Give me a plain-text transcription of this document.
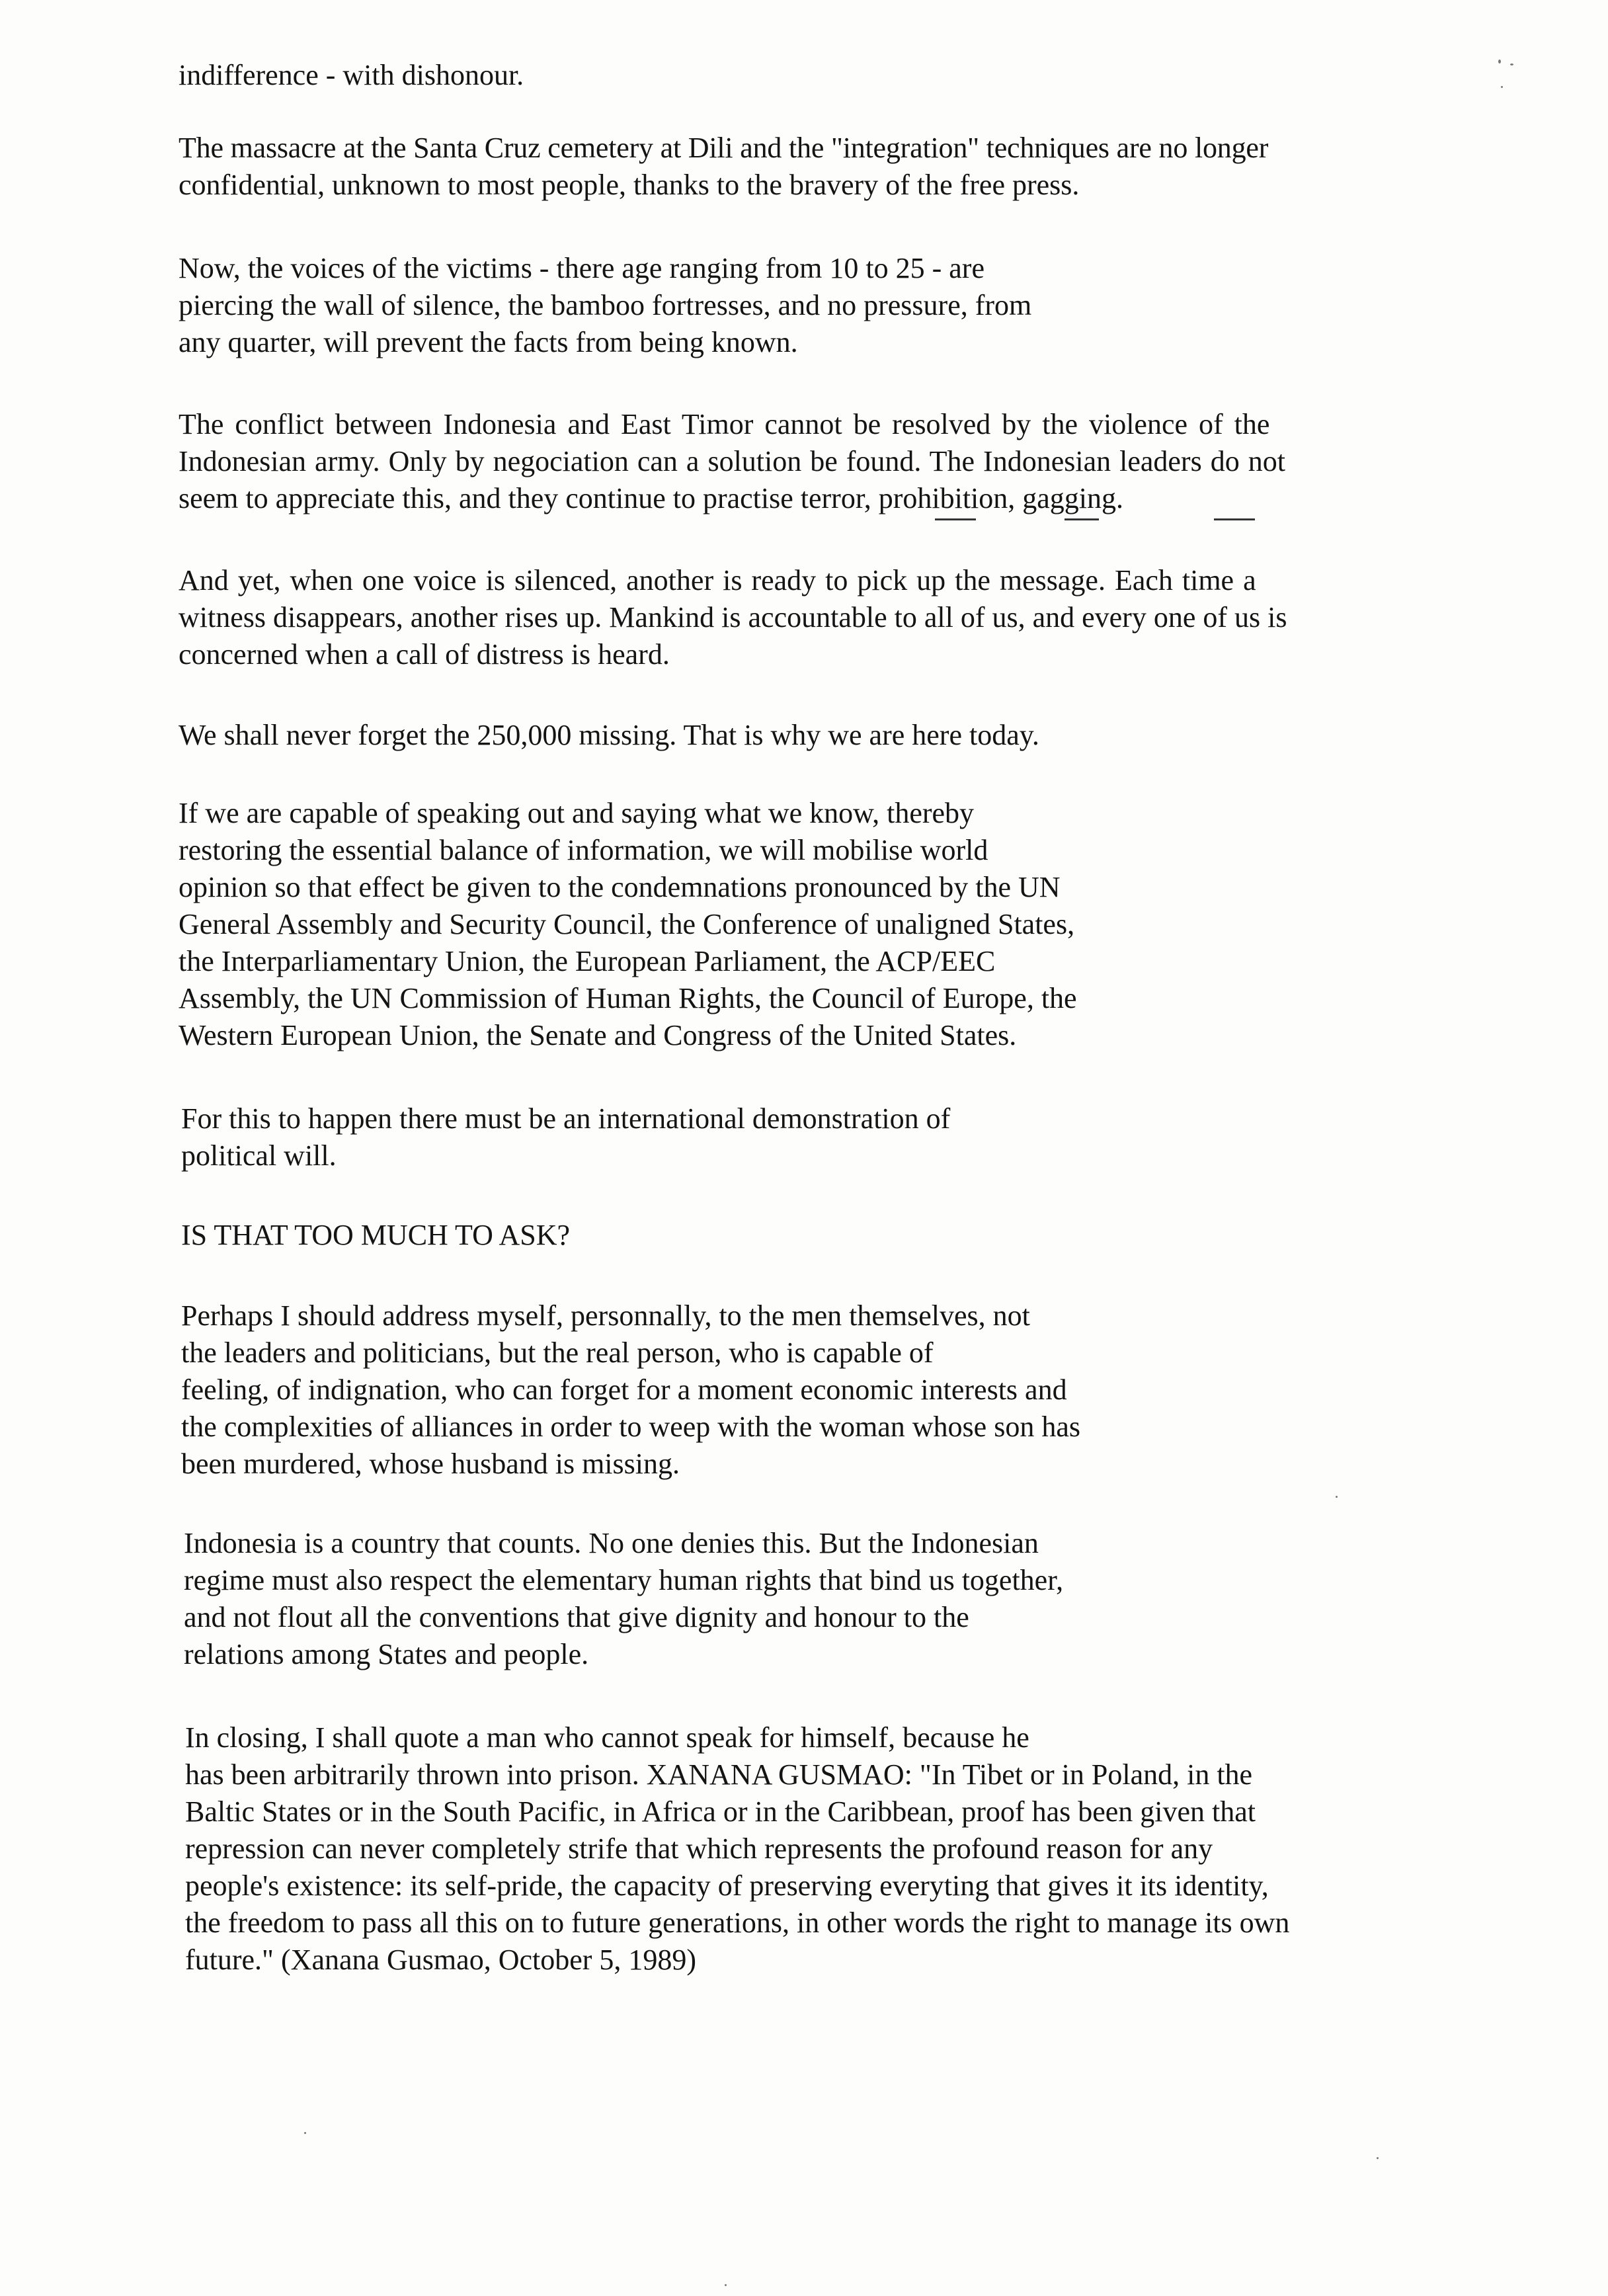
indifference - with dishonour.
The massacre at the Santa Cruz cemetery at Dili and the "integration" techniques are no longer
confidential, unknown to most people, thanks to the bravery of the free press.
Now, the voices of the victims - there age ranging from 10 to 25 - are
piercing the wall of silence, the bamboo fortresses, and no pressure, from
any quarter, will prevent the facts from being known.
The conflict between Indonesia and East Timor cannot be resolved by the violence of the
Indonesian army. Only by negociation can a solution be found. The Indonesian leaders do not
seem to appreciate this, and they continue to practise terror, prohibition, gagging.
And yet, when one voice is silenced, another is ready to pick up the message. Each time a
witness disappears, another rises up. Mankind is accountable to all of us, and every one of us is
concerned when a call of distress is heard.
We shall never forget the 250,000 missing. That is why we are here today.
If we are capable of speaking out and saying what we know, thereby
restoring the essential balance of information, we will mobilise world
opinion so that effect be given to the condemnations pronounced by the UN
General Assembly and Security Council, the Conference of unaligned States,
the Interparliamentary Union, the European Parliament, the ACP/EEC
Assembly, the UN Commission of Human Rights, the Council of Europe, the
Western European Union, the Senate and Congress of the United States.
For this to happen there must be an international demonstration of
political will.
IS THAT TOO MUCH TO ASK?
Perhaps I should address myself, personnally, to the men themselves, not
the leaders and politicians, but the real person, who is capable of
feeling, of indignation, who can forget for a moment economic interests and
the complexities of alliances in order to weep with the woman whose son has
been murdered, whose husband is missing.
Indonesia is a country that counts. No one denies this. But the Indonesian
regime must also respect the elementary human rights that bind us together,
and not flout all the conventions that give dignity and honour to the
relations among States and people.
In closing, I shall quote a man who cannot speak for himself, because he
has been arbitrarily thrown into prison. XANANA GUSMAO: "In Tibet or in Poland, in the
Baltic States or in the South Pacific, in Africa or in the Caribbean, proof has been given that
repression can never completely strife that which represents the profound reason for any
people's existence: its self-pride, the capacity of preserving everyting that gives it its identity,
the freedom to pass all this on to future generations, in other words the right to manage its own
future." (Xanana Gusmao, October 5, 1989)
